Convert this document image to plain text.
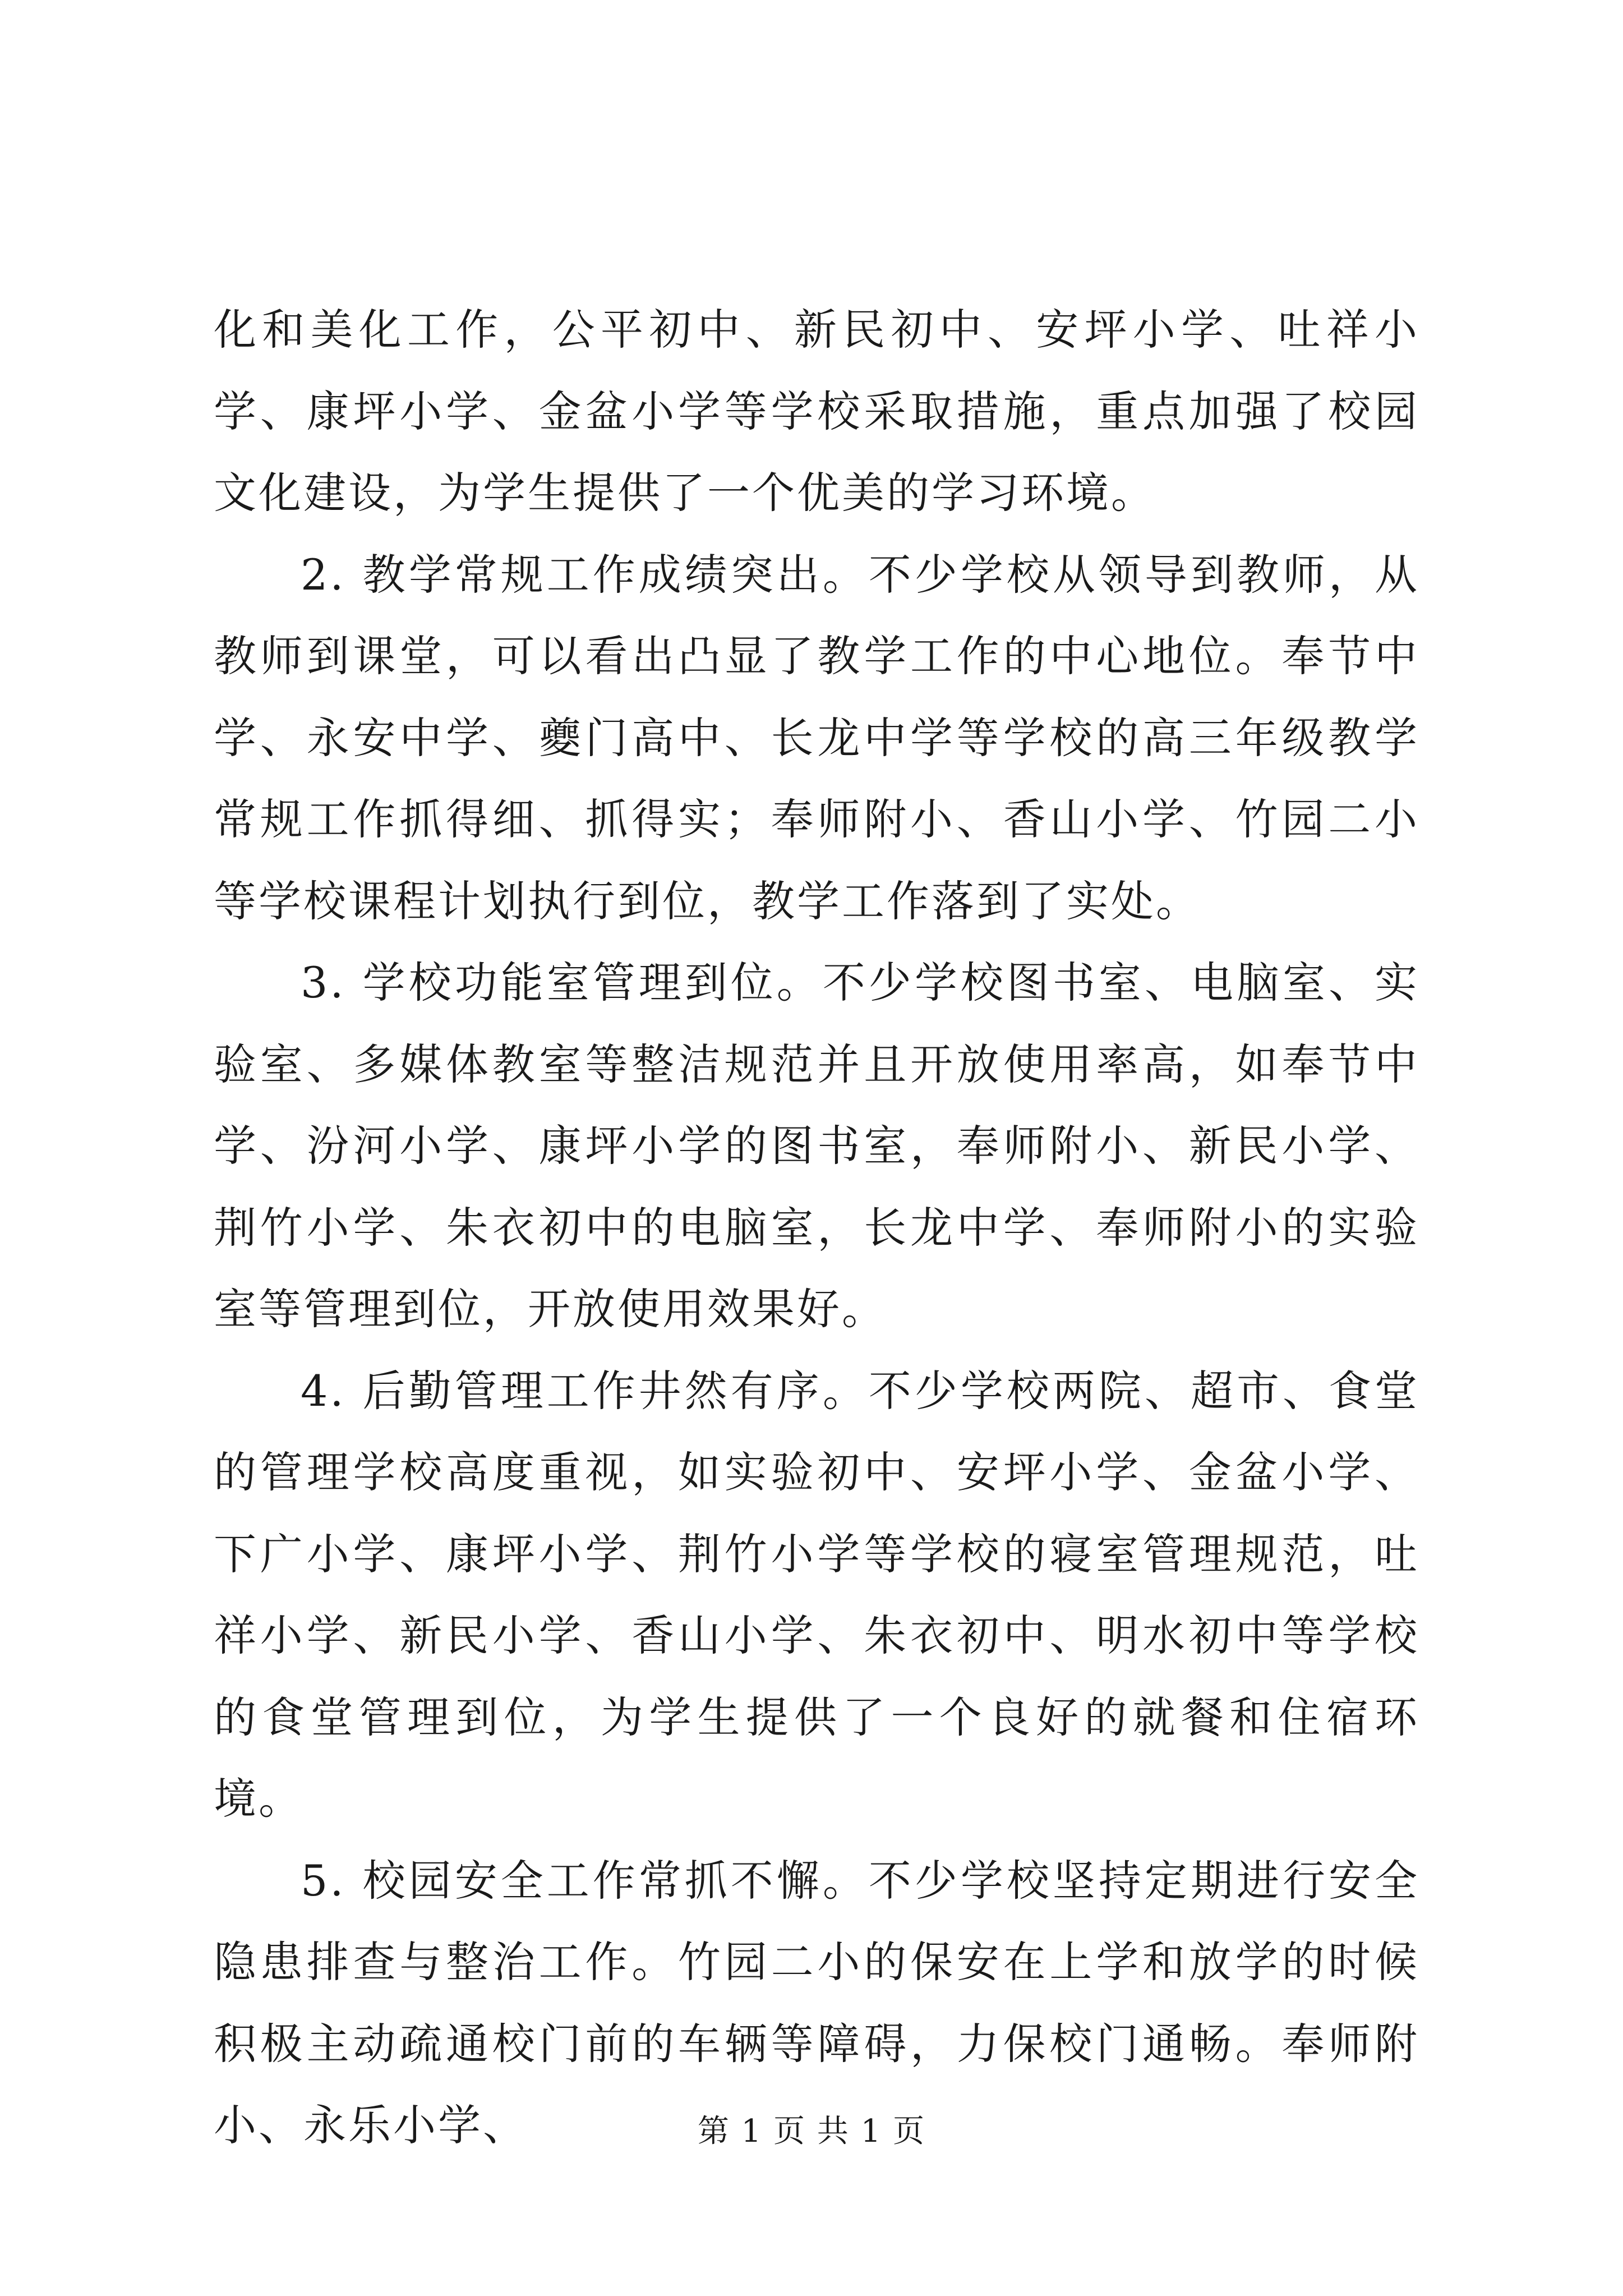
化和美化工作，公平初中、新民初中、安坪小学、吐祥小学、康坪小学、金盆小学等学校采取措施，重点加强了校园文化建设，为学生提供了一个优美的学习环境。

2. 教学常规工作成绩突出。不少学校从领导到教师，从教师到课堂，可以看出凸显了教学工作的中心地位。奉节中学、永安中学、夔门高中、长龙中学等学校的高三年级教学常规工作抓得细、抓得实；奉师附小、香山小学、竹园二小等学校课程计划执行到位，教学工作落到了实处。

3. 学校功能室管理到位。不少学校图书室、电脑室、实验室、多媒体教室等整洁规范并且开放使用率高，如奉节中学、汾河小学、康坪小学的图书室，奉师附小、新民小学、荆竹小学、朱衣初中的电脑室，长龙中学、奉师附小的实验室等管理到位，开放使用效果好。

4. 后勤管理工作井然有序。不少学校两院、超市、食堂的管理学校高度重视，如实验初中、安坪小学、金盆小学、下广小学、康坪小学、荆竹小学等学校的寝室管理规范，吐祥小学、新民小学、香山小学、朱衣初中、明水初中等学校的食堂管理到位，为学生提供了一个良好的就餐和住宿环境。

5. 校园安全工作常抓不懈。不少学校坚持定期进行安全隐患排查与整治工作。竹园二小的保安在上学和放学的时候积极主动疏通校门前的车辆等障碍，力保校门通畅。奉师附小、永乐小学、	第 1 页 共 1 页
